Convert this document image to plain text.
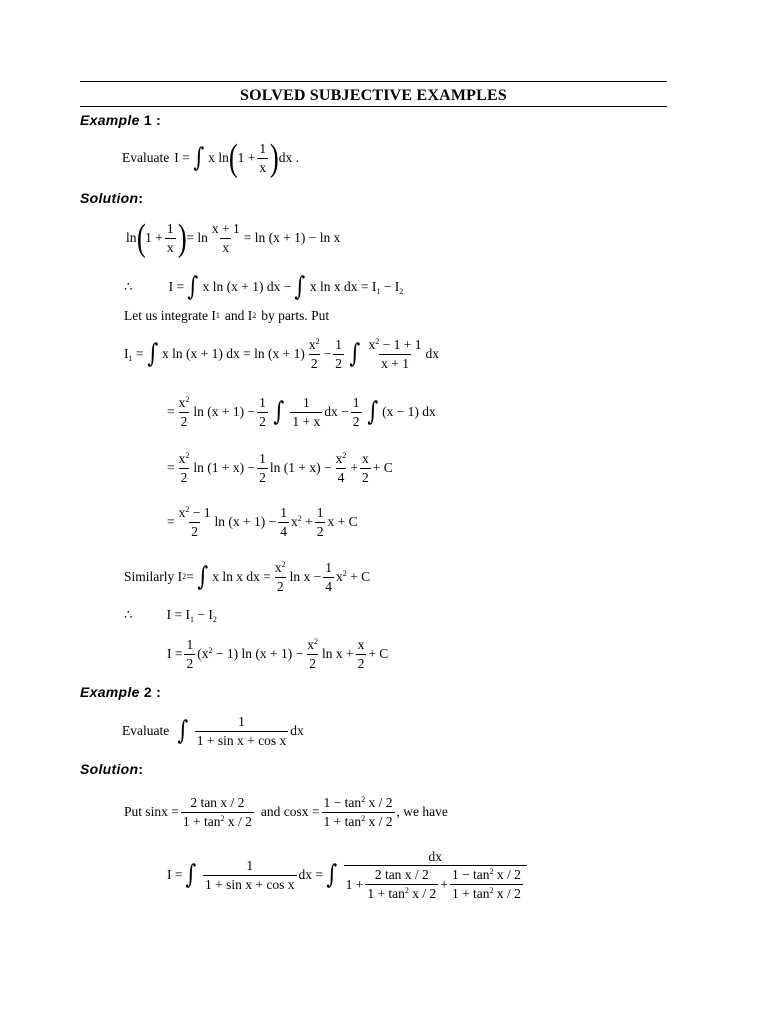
SOLVED SUBJECTIVE EXAMPLES
Example 1 :
Evaluate I = ∫ x ln ( $1 + \frac{1}{x}$ ) dx .
Solution:
ln ( $1 + \frac{1}{x}$ ) = $\ln \frac{x + 1}{x} = \ln (x + 1) - \ln x$
∴	I = ∫ x ln (x + 1) dx − ∫ x ln x dx = $I_1 - I_2$
Let us integrate I 1 and I 2 by parts. Put
$I_1$ = ∫ x ln (x + 1) dx = $\ln (x + 1) \frac{x^2}{2} - \frac{1}{2}$ ∫ $\frac{x^2 - 1 + 1}{x + 1}$ dx
= $\frac{x^2}{2}$ $\ln (x + 1) - \frac{1}{2}$ ∫ $\frac{1}{1 + x}$ dx − $\frac{1}{2}$ ∫ (x − 1) dx
= $\frac{x^2}{2}$ $\ln (1 + x) - \frac{1}{2}$ $\ln (1 + x) - \frac{x^2}{4} + \frac{x}{2} + C$
= $\frac{x^2 - 1}{2}$ $\ln (x + 1) - \frac{1}{4} x^2 + \frac{1}{2}$ x + C
Similarly I 2 = ∫ x ln x dx = $\frac{x^2}{2}$ $\ln x - \frac{1}{4} x^2 + C$
∴	$I = I_1 - I_2$
$I = \frac{1}{2} (x^2 - 1)$ $\ln (x + 1) - \frac{x^2}{2}$ $\ln x + \frac{x}{2} + C$
Example 2 :
Evaluate ∫ $\frac{1}{\text{1 + sin x + cos x}}$ dx
Solution:
Put $\sin x = \frac{\text{2 tan x / 2}}{1 + \tan^2 x / 2}$ and $\cos x = \frac{1 - \tan^2 x / 2}{1 + \tan^2 x / 2}$ , we have
I = ∫ $\frac{1}{\text{1 + sin x + cos x}}$ dx = ∫
dx
$1 + \frac{\text{2 tan x / 2}}{1 + \tan^2 x / 2} + \frac{1 - \tan^2 x / 2}{1 + \tan^2 x / 2}$
